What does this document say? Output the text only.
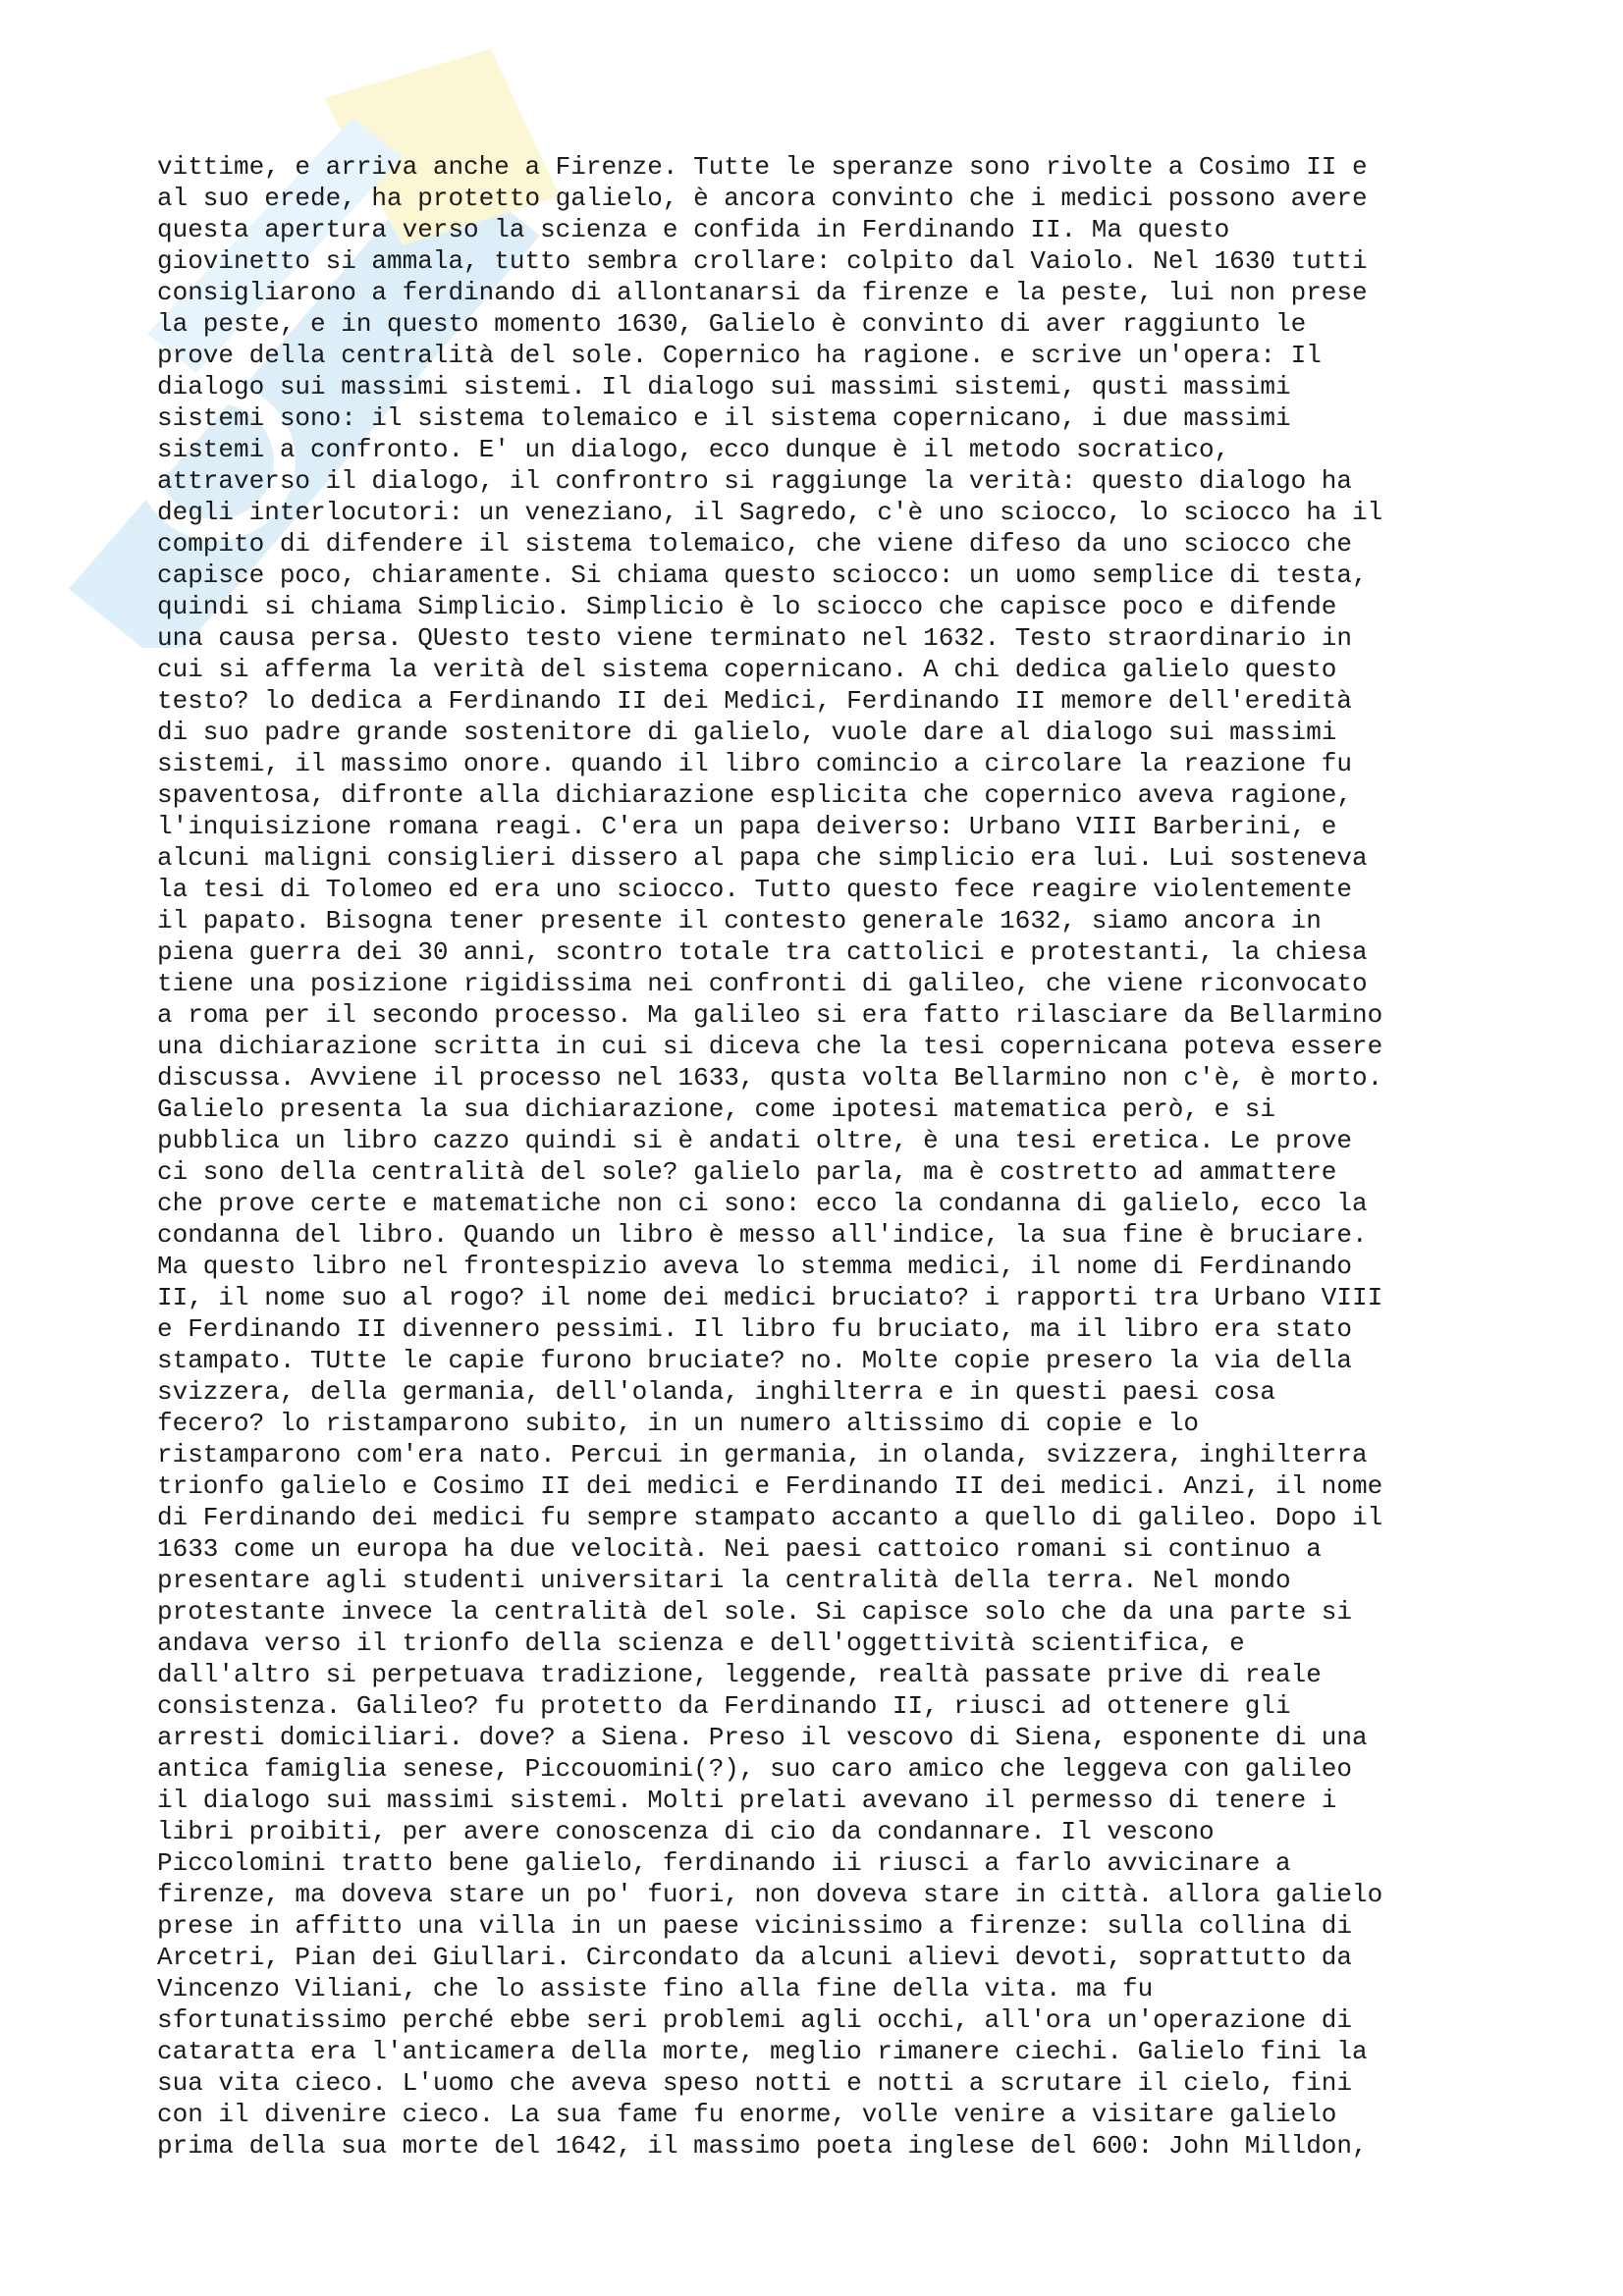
vittime, e arriva anche a Firenze. Tutte le speranze sono rivolte a Cosimo II e
al suo erede, ha protetto galielo, è ancora convinto che i medici possono avere
questa apertura verso la scienza e confida in Ferdinando II. Ma questo
giovinetto si ammala, tutto sembra crollare: colpito dal Vaiolo. Nel 1630 tutti
consigliarono a ferdinando di allontanarsi da firenze e la peste, lui non prese
la peste, e in questo momento 1630, Galielo è convinto di aver raggiunto le
prove della centralità del sole. Copernico ha ragione. e scrive un'opera: Il
dialogo sui massimi sistemi. Il dialogo sui massimi sistemi, qusti massimi
sistemi sono: il sistema tolemaico e il sistema copernicano, i due massimi
sistemi a confronto. E' un dialogo, ecco dunque è il metodo socratico,
attraverso il dialogo, il confrontro si raggiunge la verità: questo dialogo ha
degli interlocutori: un veneziano, il Sagredo, c'è uno sciocco, lo sciocco ha il
compito di difendere il sistema tolemaico, che viene difeso da uno sciocco che
capisce poco, chiaramente. Si chiama questo sciocco: un uomo semplice di testa,
quindi si chiama Simplicio. Simplicio è lo sciocco che capisce poco e difende
una causa persa. QUesto testo viene terminato nel 1632. Testo straordinario in
cui si afferma la verità del sistema copernicano. A chi dedica galielo questo
testo? lo dedica a Ferdinando II dei Medici, Ferdinando II memore dell'eredità
di suo padre grande sostenitore di galielo, vuole dare al dialogo sui massimi
sistemi, il massimo onore. quando il libro comincio a circolare la reazione fu
spaventosa, difronte alla dichiarazione esplicita che copernico aveva ragione,
l'inquisizione romana reagi. C'era un papa deiverso: Urbano VIII Barberini, e
alcuni maligni consiglieri dissero al papa che simplicio era lui. Lui sosteneva
la tesi di Tolomeo ed era uno sciocco. Tutto questo fece reagire violentemente
il papato. Bisogna tener presente il contesto generale 1632, siamo ancora in
piena guerra dei 30 anni, scontro totale tra cattolici e protestanti, la chiesa
tiene una posizione rigidissima nei confronti di galileo, che viene riconvocato
a roma per il secondo processo. Ma galileo si era fatto rilasciare da Bellarmino
una dichiarazione scritta in cui si diceva che la tesi copernicana poteva essere
discussa. Avviene il processo nel 1633, qusta volta Bellarmino non c'è, è morto.
Galielo presenta la sua dichiarazione, come ipotesi matematica però, e si
pubblica un libro cazzo quindi si è andati oltre, è una tesi eretica. Le prove
ci sono della centralità del sole? galielo parla, ma è costretto ad ammattere
che prove certe e matematiche non ci sono: ecco la condanna di galielo, ecco la
condanna del libro. Quando un libro è messo all'indice, la sua fine è bruciare.
Ma questo libro nel frontespizio aveva lo stemma medici, il nome di Ferdinando
II, il nome suo al rogo? il nome dei medici bruciato? i rapporti tra Urbano VIII
e Ferdinando II divennero pessimi. Il libro fu bruciato, ma il libro era stato
stampato. TUtte le capie furono bruciate? no. Molte copie presero la via della
svizzera, della germania, dell'olanda, inghilterra e in questi paesi cosa
fecero? lo ristamparono subito, in un numero altissimo di copie e lo
ristamparono com'era nato. Percui in germania, in olanda, svizzera, inghilterra
trionfo galielo e Cosimo II dei medici e Ferdinando II dei medici. Anzi, il nome
di Ferdinando dei medici fu sempre stampato accanto a quello di galileo. Dopo il
1633 come un europa ha due velocità. Nei paesi cattoico romani si continuo a
presentare agli studenti universitari la centralità della terra. Nel mondo
protestante invece la centralità del sole. Si capisce solo che da una parte si
andava verso il trionfo della scienza e dell'oggettività scientifica, e
dall'altro si perpetuava tradizione, leggende, realtà passate prive di reale
consistenza. Galileo? fu protetto da Ferdinando II, riusci ad ottenere gli
arresti domiciliari. dove? a Siena. Preso il vescovo di Siena, esponente di una
antica famiglia senese, Piccouomini(?), suo caro amico che leggeva con galileo
il dialogo sui massimi sistemi. Molti prelati avevano il permesso di tenere i
libri proibiti, per avere conoscenza di cio da condannare. Il vescono
Piccolomini tratto bene galielo, ferdinando ii riusci a farlo avvicinare a
firenze, ma doveva stare un po' fuori, non doveva stare in città. allora galielo
prese in affitto una villa in un paese vicinissimo a firenze: sulla collina di
Arcetri, Pian dei Giullari. Circondato da alcuni alievi devoti, soprattutto da
Vincenzo Viliani, che lo assiste fino alla fine della vita. ma fu
sfortunatissimo perché ebbe seri problemi agli occhi, all'ora un'operazione di
cataratta era l'anticamera della morte, meglio rimanere ciechi. Galielo fini la
sua vita cieco. L'uomo che aveva speso notti e notti a scrutare il cielo, fini
con il divenire cieco. La sua fame fu enorme, volle venire a visitare galielo
prima della sua morte del 1642, il massimo poeta inglese del 600: John Milldon,
